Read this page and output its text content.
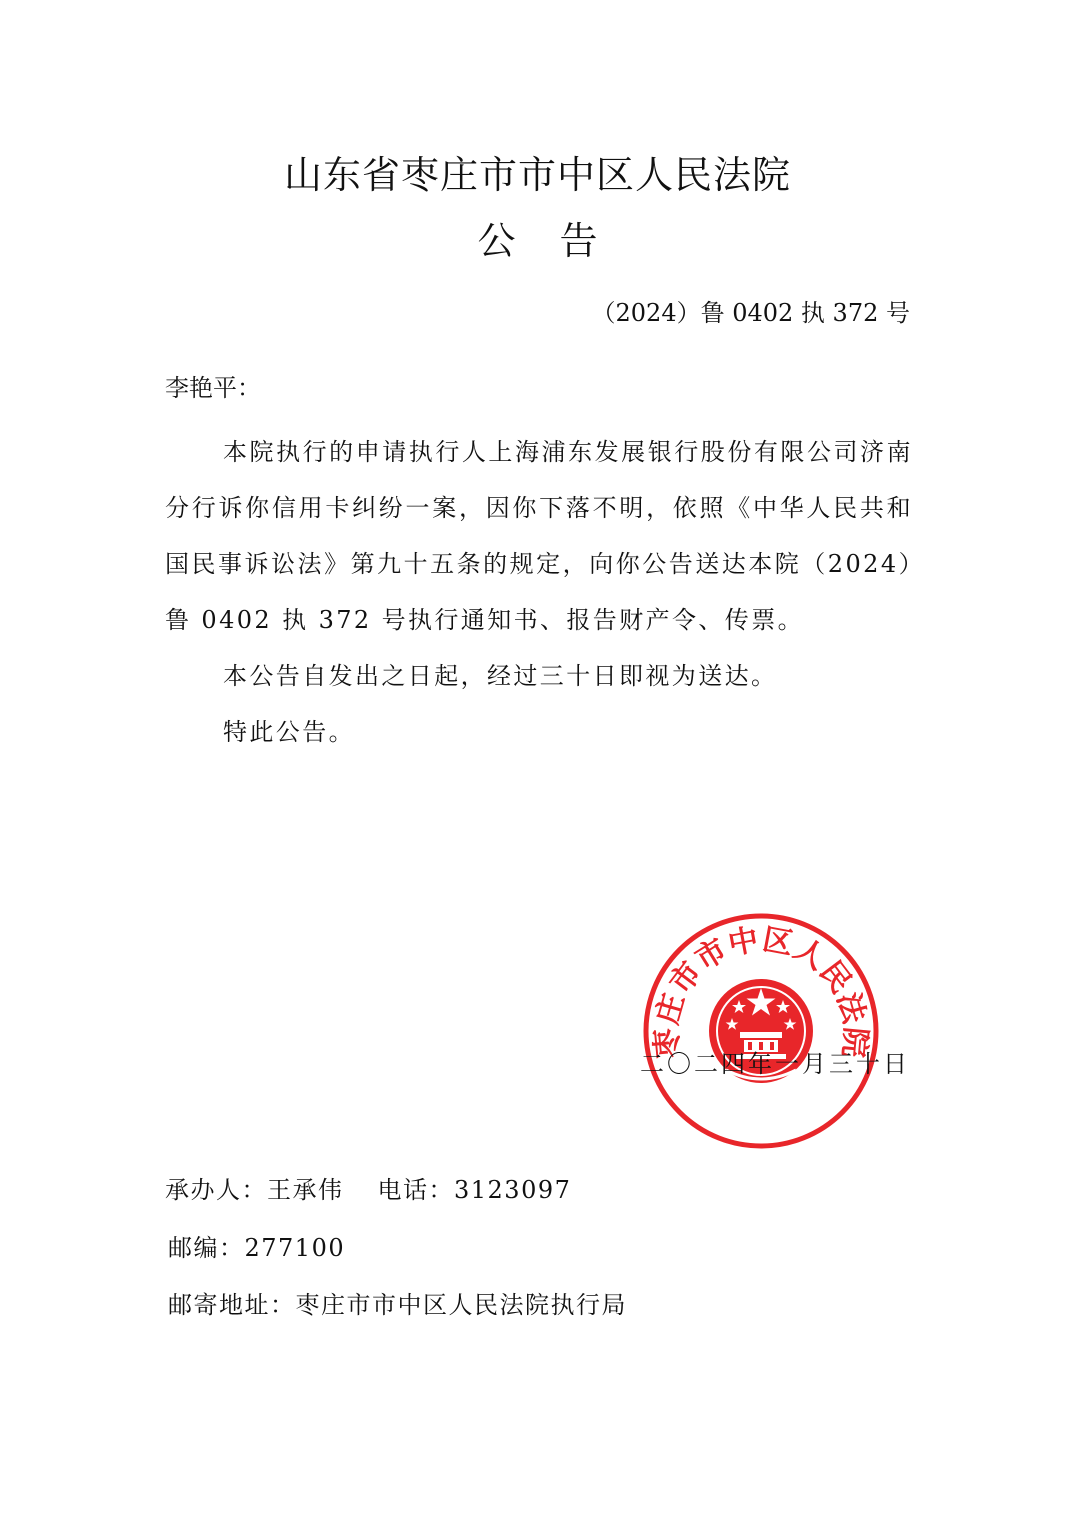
山东省枣庄市市中区人民法院
公告
（2024）鲁 0402 执 372 号
李艳平：

本院执行的申请执行人上海浦东发展银行股份有限公司济南分行诉你信用卡纠纷一案，因你下落不明，依照《中华人民共和国民事诉讼法》第九十五条的规定，向你公告送达本院（2024）鲁 0402 执 372 号执行通知书、报告财产令、传票。

本公告自发出之日起，经过三十日即视为送达。

特此公告。

枣庄市市中区人民法院
二〇二四年一月三十日
承办人：王承伟 电话：3123097
邮编：277100
邮寄地址：枣庄市市中区人民法院执行局
